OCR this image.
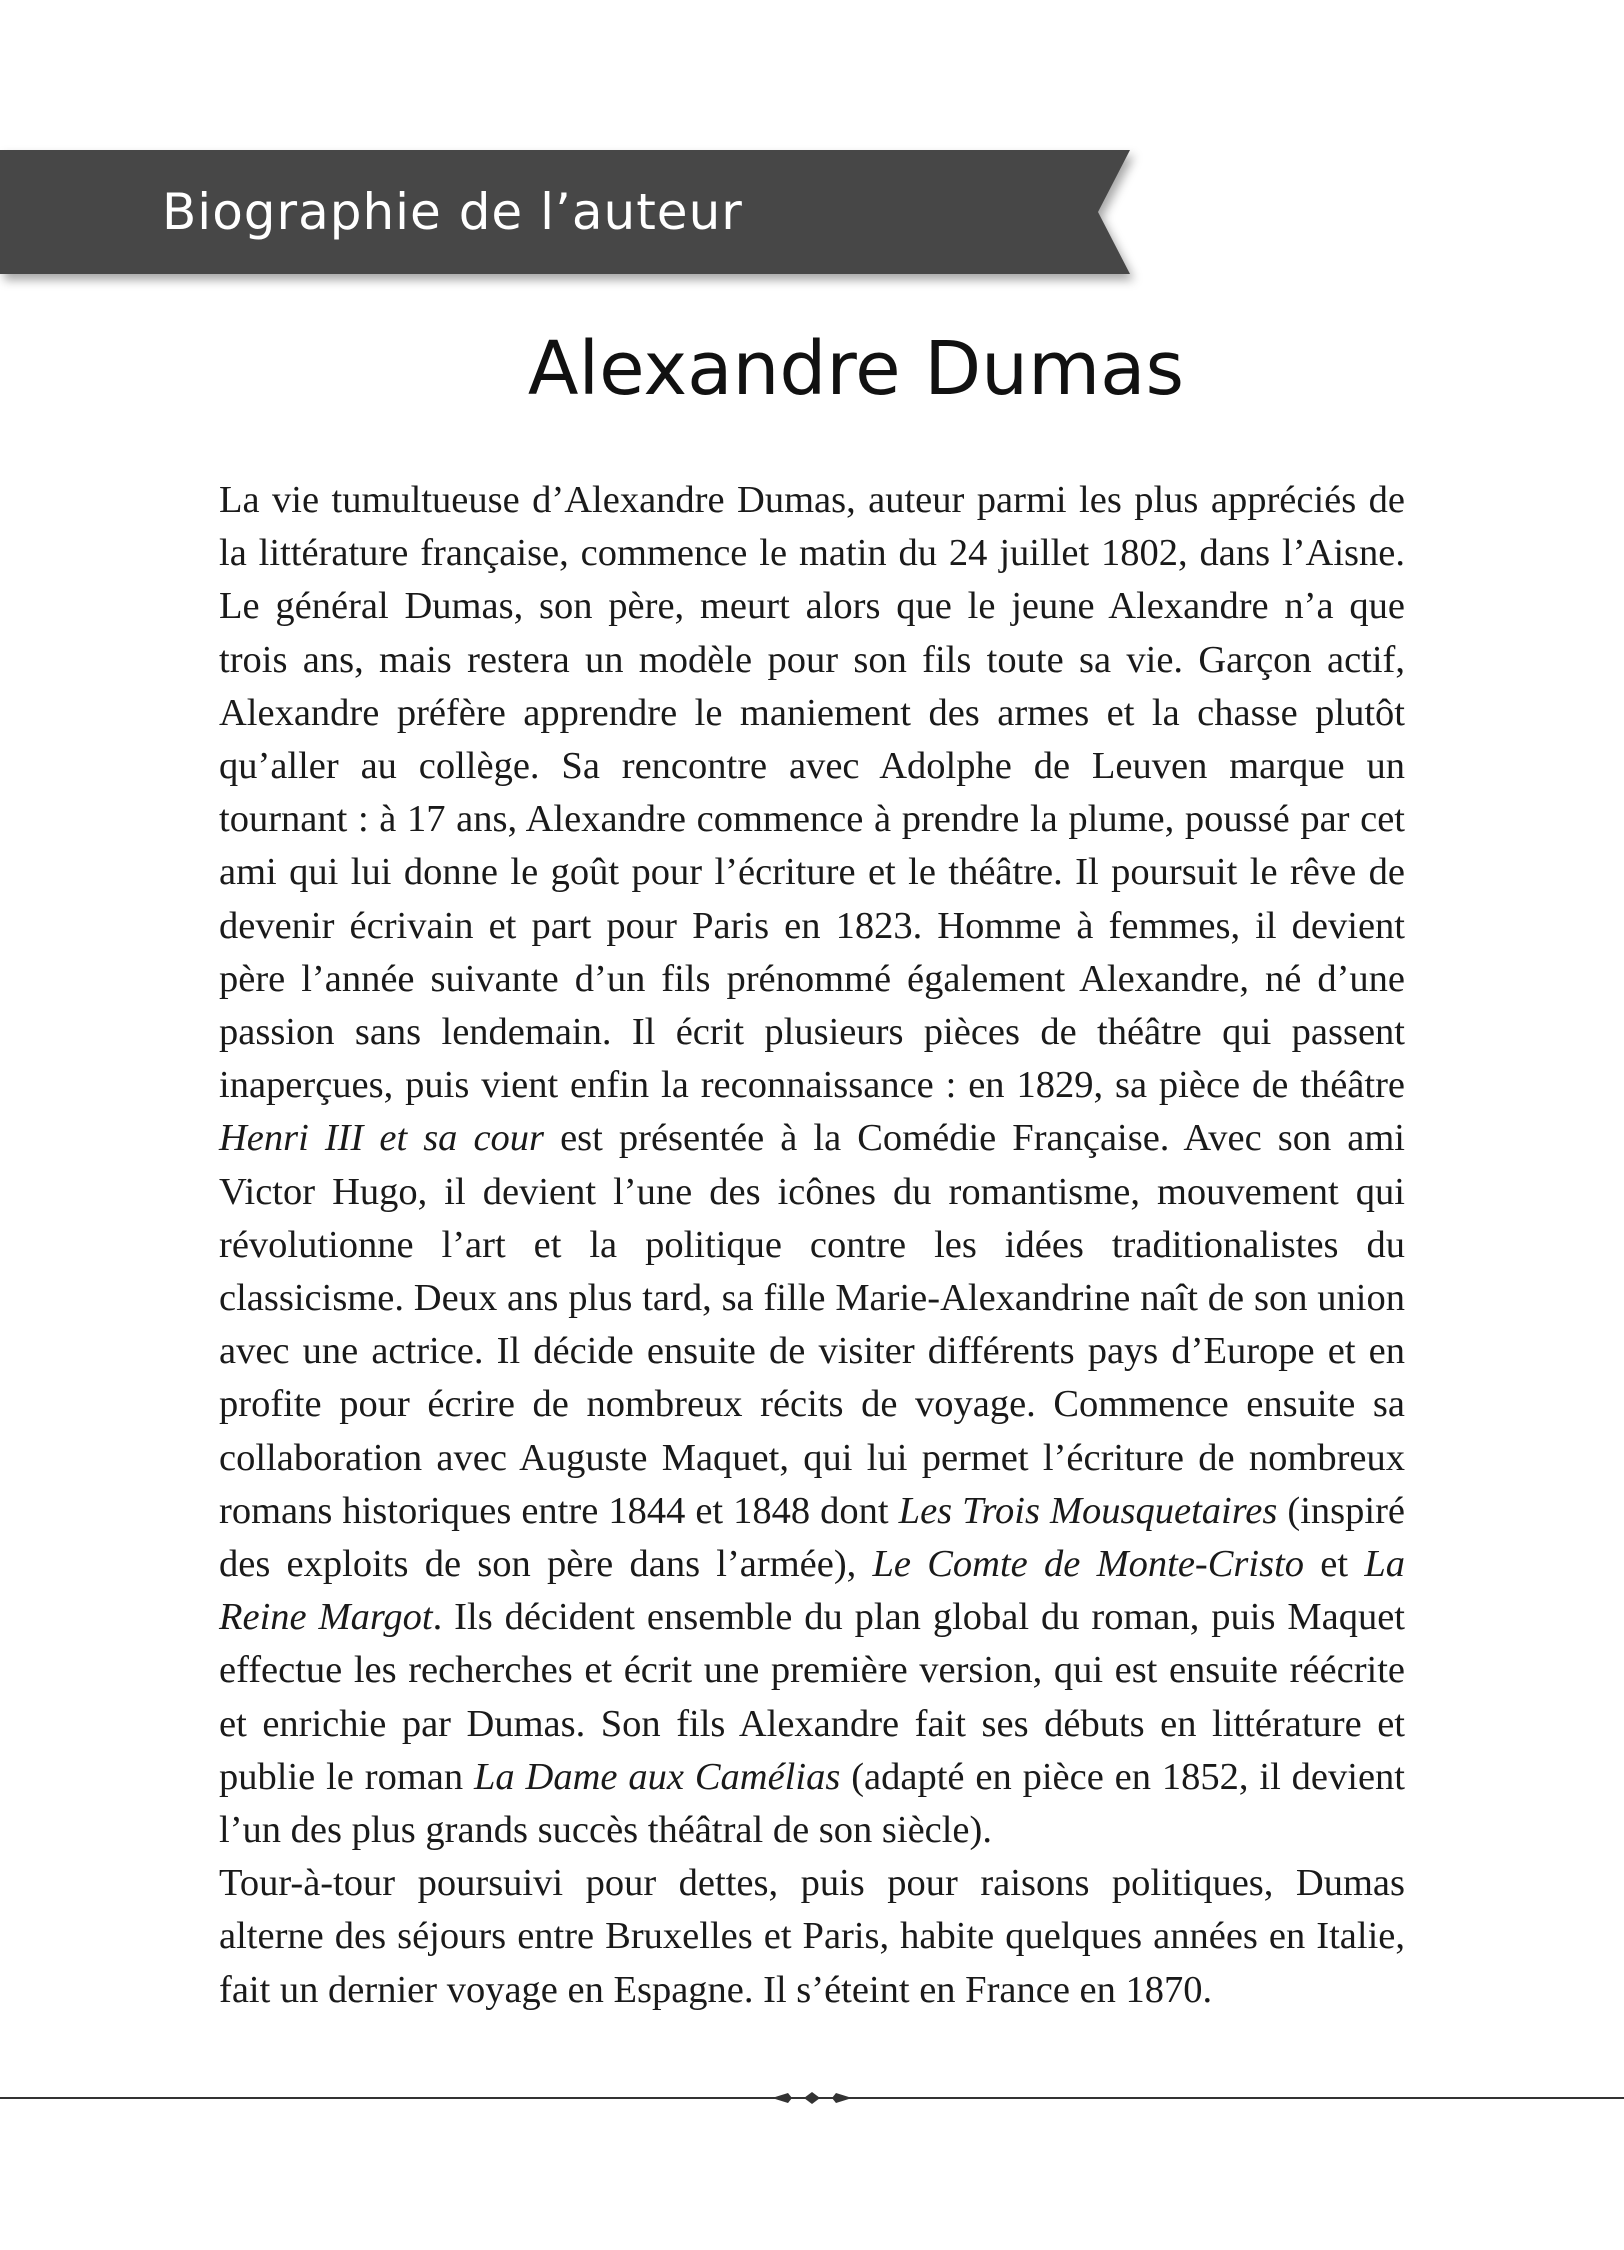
Biographie de l’auteur
Alexandre Dumas

La vie tumultueuse d’Alexandre Dumas, auteur parmi les plus appréciés de la littérature française, commence le matin du 24 juillet 1802, dans l’Aisne. Le général Dumas, son père, meurt alors que le jeune Alexandre n’a que trois ans, mais restera un modèle pour son fils toute sa vie. Garçon actif, Alexandre préfère apprendre le maniement des armes et la chasse plutôt qu’aller au collège. Sa rencontre avec Adolphe de Leuven marque un tournant : à 17 ans, Alexandre commence à prendre la plume, poussé par cet ami qui lui donne le goût pour l’écriture et le théâtre. Il poursuit le rêve de devenir écrivain et part pour Paris en 1823. Homme à femmes, il devient père l’année suivante d’un fils prénommé également Alexandre, né d’une passion sans lendemain. Il écrit plusieurs pièces de théâtre qui passent inaperçues, puis vient enfin la reconnaissance : en 1829, sa pièce de théâtre Henri III et sa cour est présentée à la Comédie Française. Avec son ami Victor Hugo, il devient l’une des icônes du romantisme, mouvement qui révolutionne l’art et la politique contre les idées traditionalistes du classicisme. Deux ans plus tard, sa fille Marie-Alexandrine naît de son union avec une actrice. Il décide ensuite de visiter différents pays d’Europe et en profite pour écrire de nombreux récits de voyage. Commence ensuite sa collaboration avec Auguste Maquet, qui lui permet l’écriture de nombreux romans historiques entre 1844 et 1848 dont Les Trois Mousquetaires (inspiré des exploits de son père dans l’armée), Le Comte de Monte-Cristo et La Reine Margot. Ils décident ensemble du plan global du roman, puis Maquet effectue les recherches et écrit une première version, qui est ensuite réécrite et enrichie par Dumas. Son fils Alexandre fait ses débuts en littérature et publie le roman La Dame aux Camélias (adapté en pièce en 1852, il devient l’un des plus grands succès théâtral de son siècle).

Tour-à-tour poursuivi pour dettes, puis pour raisons politiques, Dumas alterne des séjours entre Bruxelles et Paris, habite quelques années en Italie, fait un dernier voyage en Espagne. Il s’éteint en France en 1870.
